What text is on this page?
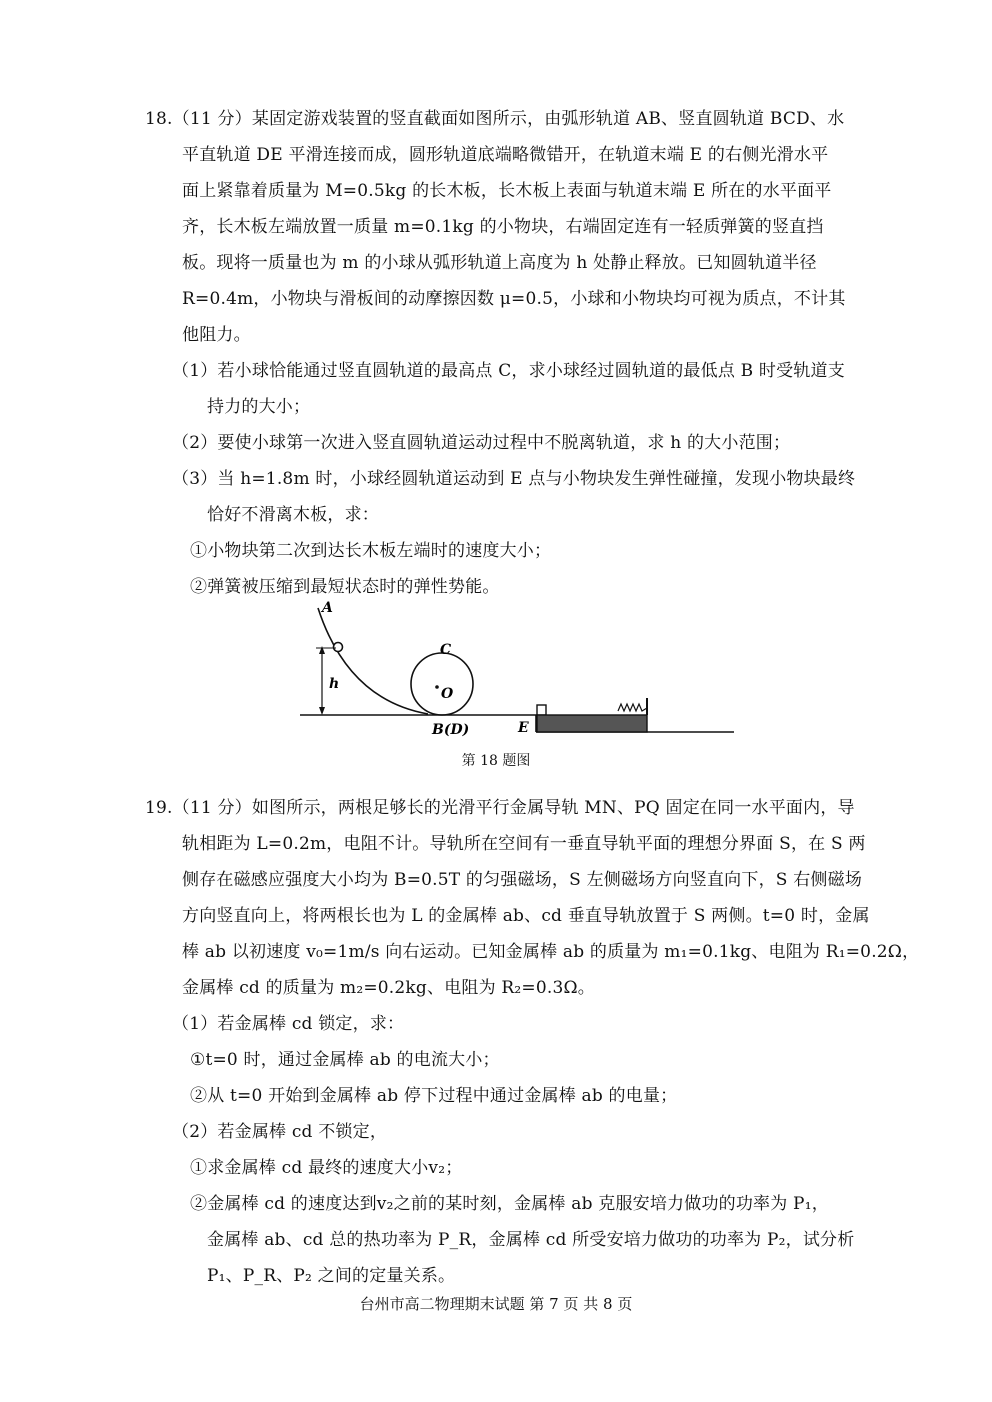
18.（11 分）某固定游戏装置的竖直截面如图所示，由弧形轨道 AB、竖直圆轨道 BCD、水
平直轨道 DE 平滑连接而成，圆形轨道底端略微错开，在轨道末端 E 的右侧光滑水平
面上紧靠着质量为 M=0.5kg 的长木板，长木板上表面与轨道末端 E 所在的水平面平
齐，长木板左端放置一质量 m=0.1kg 的小物块，右端固定连有一轻质弹簧的竖直挡
板。现将一质量也为 m 的小球从弧形轨道上高度为 h 处静止释放。已知圆轨道半径
R=0.4m，小物块与滑板间的动摩擦因数 μ=0.5，小球和小物块均可视为质点，不计其
他阻力。
（1）若小球恰能通过竖直圆轨道的最高点 C，求小球经过圆轨道的最低点 B 时受轨道支
持力的大小；
（2）要使小球第一次进入竖直圆轨道运动过程中不脱离轨道，求 h 的大小范围；
（3）当 h=1.8m 时，小球经圆轨道运动到 E 点与小物块发生弹性碰撞，发现小物块最终
恰好不滑离木板，求：
①小物块第二次到达长木板左端时的速度大小；
②弹簧被压缩到最短状态时的弹性势能。
A
C
O
h
B(D)	E
第 18 题图
19.（11 分）如图所示，两根足够长的光滑平行金属导轨 MN、PQ 固定在同一水平面内，导
轨相距为 L=0.2m，电阻不计。导轨所在空间有一垂直导轨平面的理想分界面 S，在 S 两
侧存在磁感应强度大小均为 B=0.5T 的匀强磁场，S 左侧磁场方向竖直向下，S 右侧磁场
方向竖直向上，将两根长也为 L 的金属棒 ab、cd 垂直导轨放置于 S 两侧。t=0 时，金属
棒 ab 以初速度 v₀=1m/s 向右运动。已知金属棒 ab 的质量为 m₁=0.1kg、电阻为 R₁=0.2Ω，
金属棒 cd 的质量为 m₂=0.2kg、电阻为 R₂=0.3Ω。
（1）若金属棒 cd 锁定，求：
①t=0 时，通过金属棒 ab 的电流大小；
②从 t=0 开始到金属棒 ab 停下过程中通过金属棒 ab 的电量；
（2）若金属棒 cd 不锁定，
①求金属棒 cd 最终的速度大小v₂；
②金属棒 cd 的速度达到v₂之前的某时刻，金属棒 ab 克服安培力做功的功率为 P₁，
金属棒 ab、cd 总的热功率为 P_R，金属棒 cd 所受安培力做功的功率为 P₂，试分析
P₁、P_R、P₂ 之间的定量关系。
台州市高二物理期末试题 第 7 页 共 8 页
